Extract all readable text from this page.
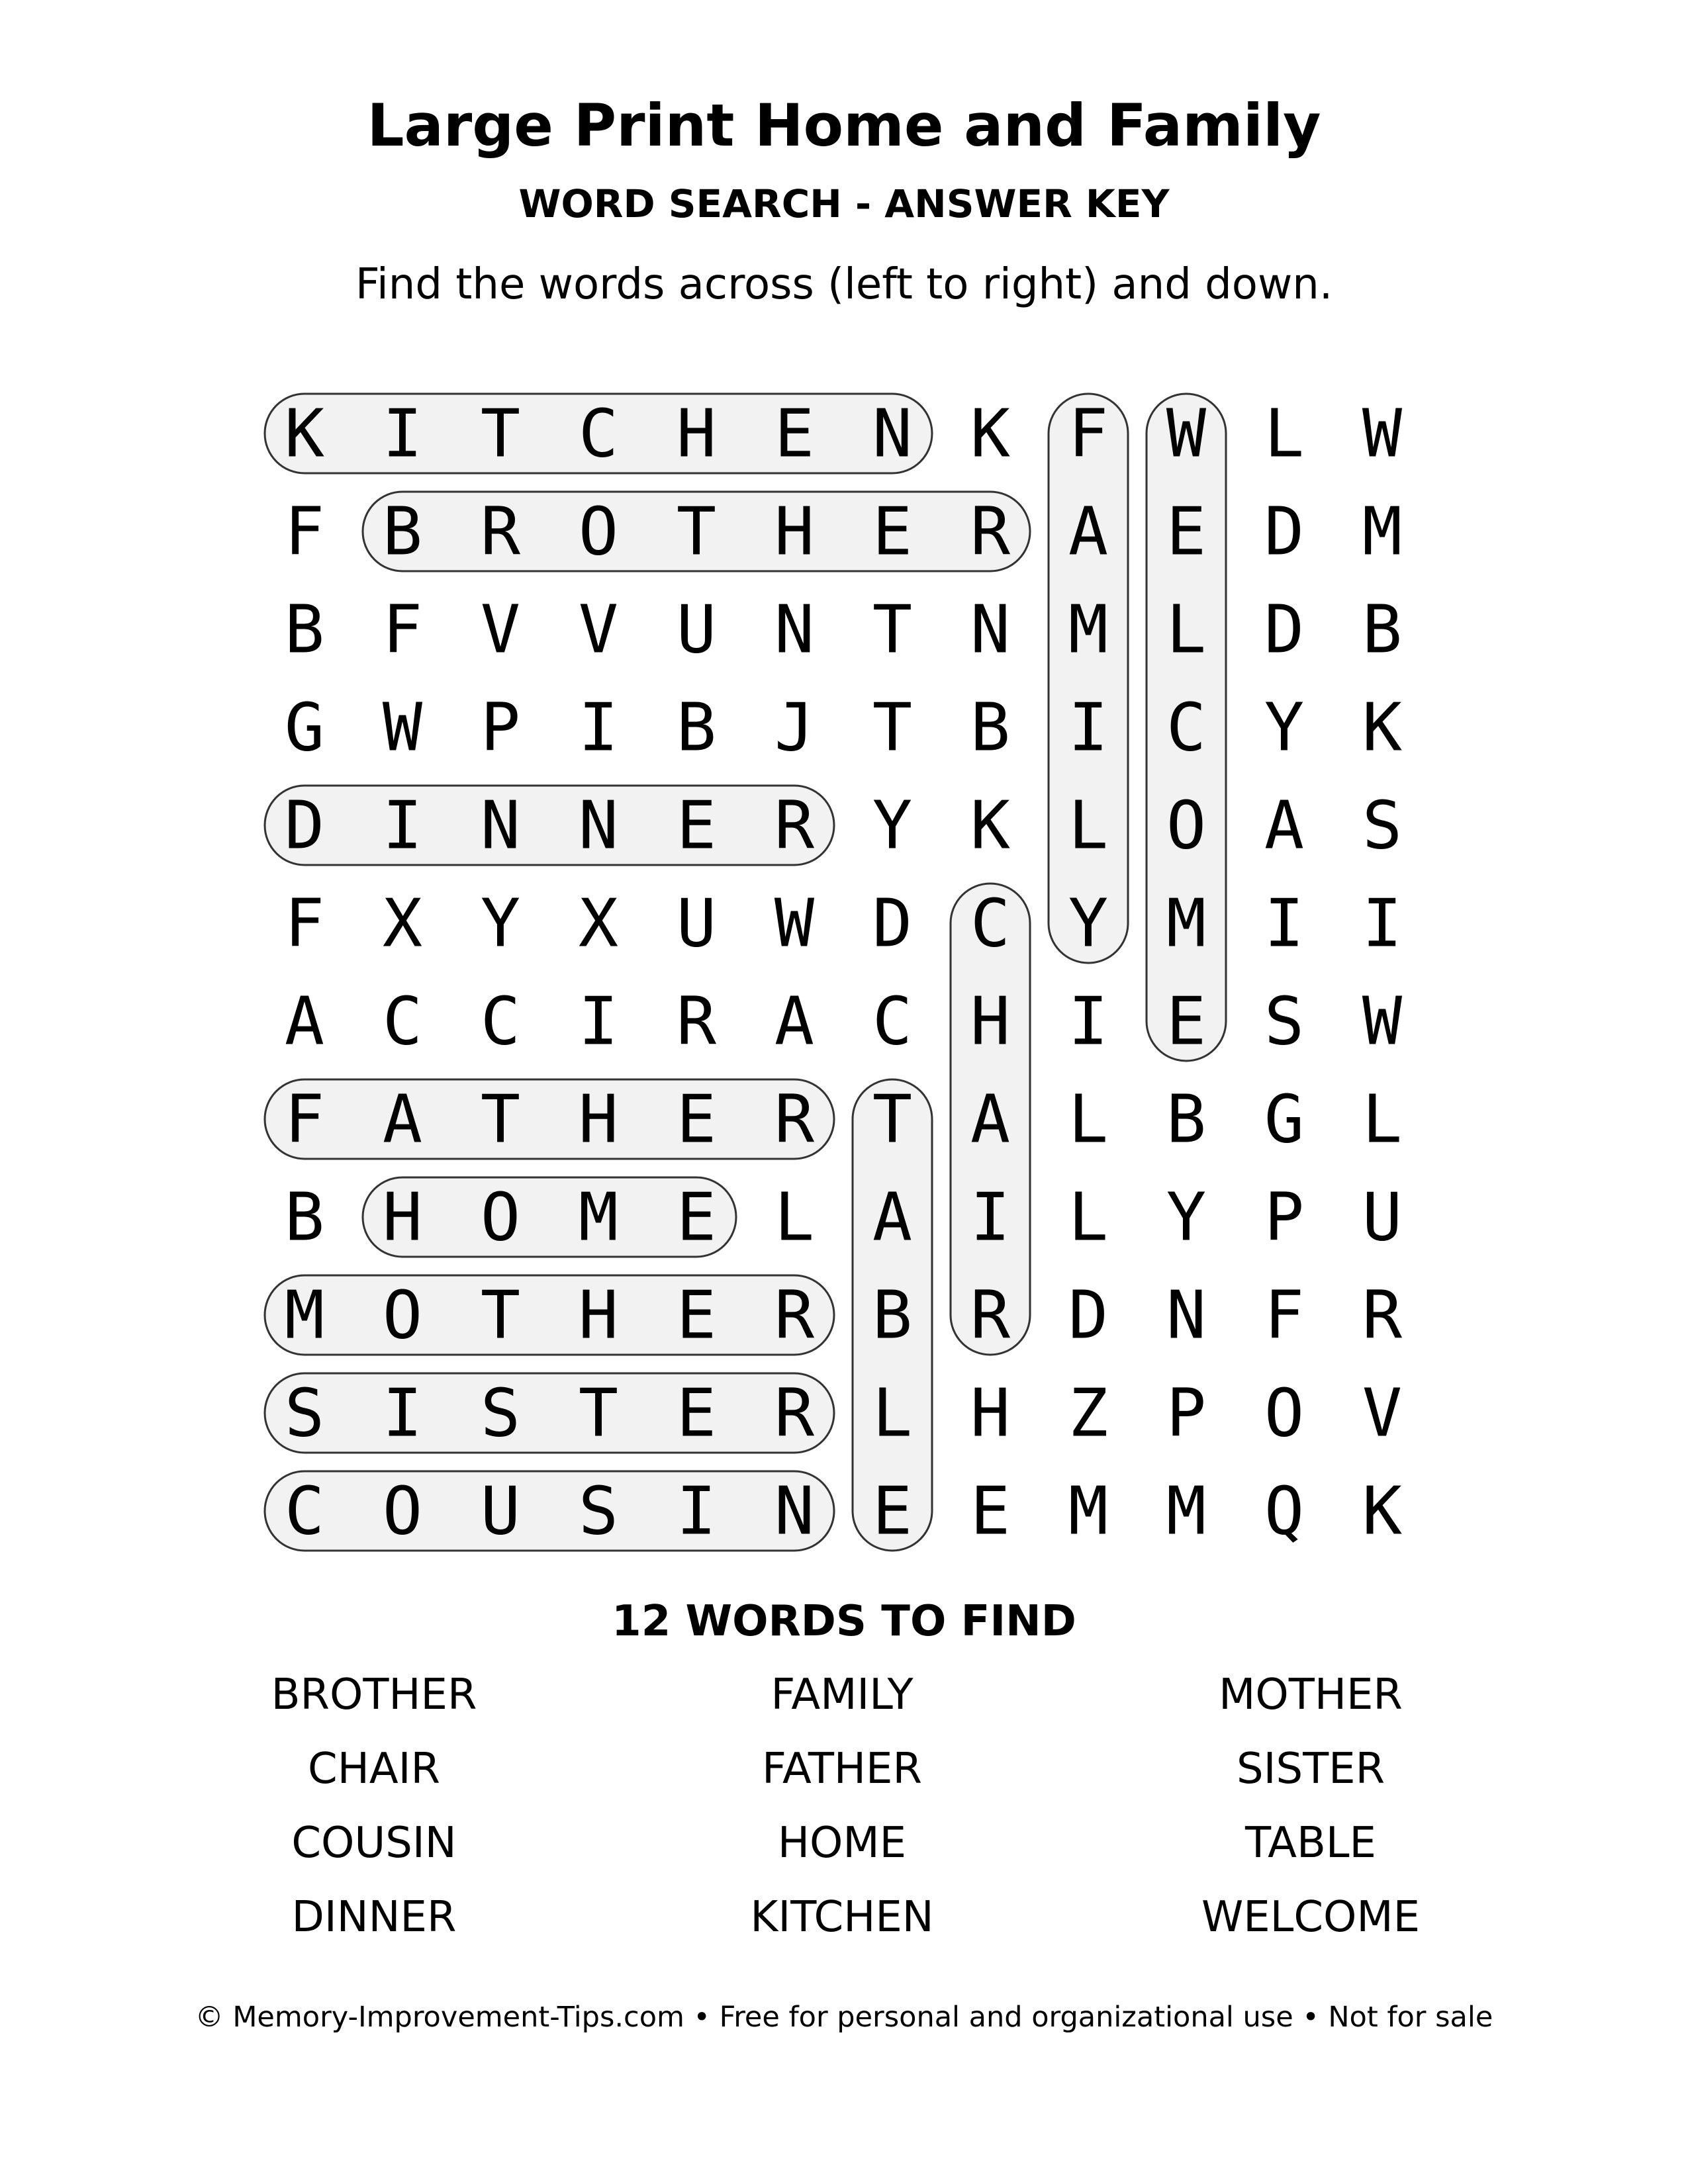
Large Print Home and Family
WORD SEARCH - ANSWER KEY
Find the words across (left to right) and down.
K I T C H E N K F W L W
F B R O T H E R A E D M
B F V V U N T N M L D B
G W P I B J T B I C Y K
D I N N E R Y K L O A S
F X Y X U W D C Y M I I
A C C I R A C H I E S W
F A T H E R T A L B G L
B H O M E L A I L Y P U
M O T H E R B R D N F R
S I S T E R L H Z P O V
C O U S I N E E M M Q K
12 WORDS TO FIND
BROTHER
CHAIR
COUSIN
DINNER
FAMILY
FATHER
HOME
KITCHEN
MOTHER
SISTER
TABLE
WELCOME
© Memory-Improvement-Tips.com • Free for personal and organizational use • Not for sale
